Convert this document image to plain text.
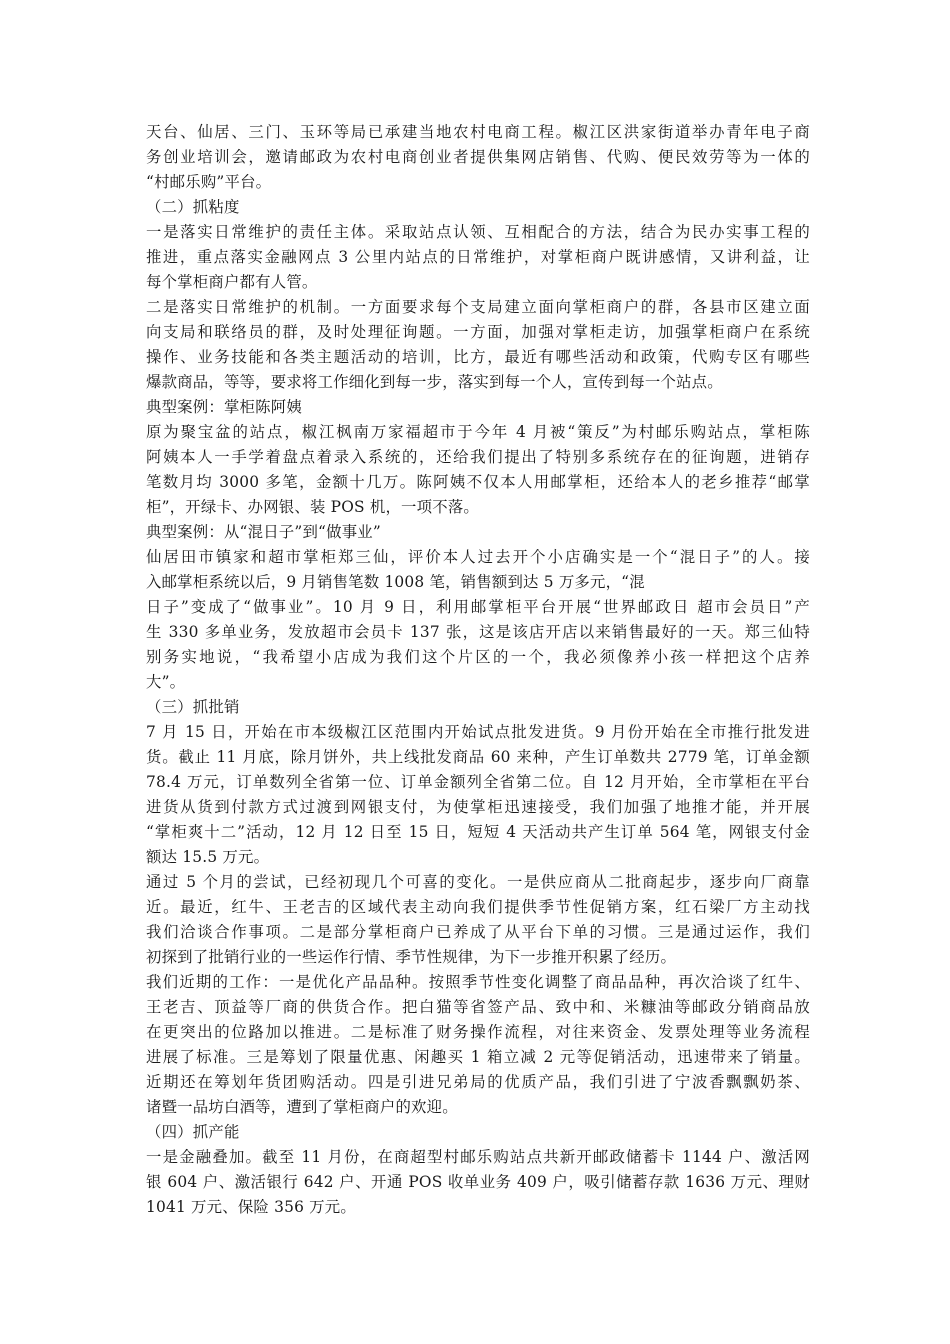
天台、仙居、三门、玉环等局已承建当地农村电商工程。椒江区洪家街道举办青年电子商
务创业培训会，邀请邮政为农村电商创业者提供集网店销售、代购、便民效劳等为一体的
“村邮乐购”平台。
（二）抓粘度
一是落实日常维护的责任主体。采取站点认领、互相配合的方法，结合为民办实事工程的
推进，重点落实金融网点 3 公里内站点的日常维护，对掌柜商户既讲感情，又讲利益，让
每个掌柜商户都有人管。
二是落实日常维护的机制。一方面要求每个支局建立面向掌柜商户的群，各县市区建立面
向支局和联络员的群，及时处理征询题。一方面，加强对掌柜走访，加强掌柜商户在系统
操作、业务技能和各类主题活动的培训，比方，最近有哪些活动和政策，代购专区有哪些
爆款商品，等等，要求将工作细化到每一步，落实到每一个人，宣传到每一个站点。
典型案例：掌柜陈阿姨
原为聚宝盆的站点，椒江枫南万家福超市于今年 4 月被“策反”为村邮乐购站点，掌柜陈
阿姨本人一手学着盘点着录入系统的，还给我们提出了特别多系统存在的征询题，进销存
笔数月均 3000 多笔，金额十几万。陈阿姨不仅本人用邮掌柜，还给本人的老乡推荐“邮掌
柜”，开绿卡、办网银、装 POS 机，一项不落。
典型案例：从“混日子”到“做事业”
仙居田市镇家和超市掌柜郑三仙，评价本人过去开个小店确实是一个“混日子”的人。接
入邮掌柜系统以后，9 月销售笔数 1008 笔，销售额到达 5 万多元，“混
日子”变成了“做事业”。10 月 9 日，利用邮掌柜平台开展“世界邮政日 超市会员日”产
生 330 多单业务，发放超市会员卡 137 张，这是该店开店以来销售最好的一天。郑三仙特
别务实地说，“我希望小店成为我们这个片区的一个，我必须像养小孩一样把这个店养
大”。
（三）抓批销
7 月 15 日，开始在市本级椒江区范围内开始试点批发进货。9 月份开始在全市推行批发进
货。截止 11 月底，除月饼外，共上线批发商品 60 来种，产生订单数共 2779 笔，订单金额
78.4 万元，订单数列全省第一位、订单金额列全省第二位。自 12 月开始，全市掌柜在平台
进货从货到付款方式过渡到网银支付，为使掌柜迅速接受，我们加强了地推才能，并开展
“掌柜爽十二”活动，12 月 12 日至 15 日，短短 4 天活动共产生订单 564 笔，网银支付金
额达 15.5 万元。
通过 5 个月的尝试，已经初现几个可喜的变化。一是供应商从二批商起步，逐步向厂商靠
近。最近，红牛、王老吉的区域代表主动向我们提供季节性促销方案，红石梁厂方主动找
我们洽谈合作事项。二是部分掌柜商户已养成了从平台下单的习惯。三是通过运作，我们
初探到了批销行业的一些运作行情、季节性规律，为下一步推开积累了经历。
我们近期的工作：一是优化产品品种。按照季节性变化调整了商品品种，再次洽谈了红牛、
王老吉、顶益等厂商的供货合作。把白猫等省签产品、致中和、米糠油等邮政分销商品放
在更突出的位路加以推进。二是标准了财务操作流程，对往来资金、发票处理等业务流程
进展了标准。三是筹划了限量优惠、闲趣买 1 箱立减 2 元等促销活动，迅速带来了销量。
近期还在筹划年货团购活动。四是引进兄弟局的优质产品，我们引进了宁波香飘飘奶茶、
诸暨一品坊白酒等，遭到了掌柜商户的欢迎。
（四）抓产能
一是金融叠加。截至 11 月份，在商超型村邮乐购站点共新开邮政储蓄卡 1144 户、激活网
银 604 户、激活银行 642 户、开通 POS 收单业务 409 户，吸引储蓄存款 1636 万元、理财
1041 万元、保险 356 万元。
